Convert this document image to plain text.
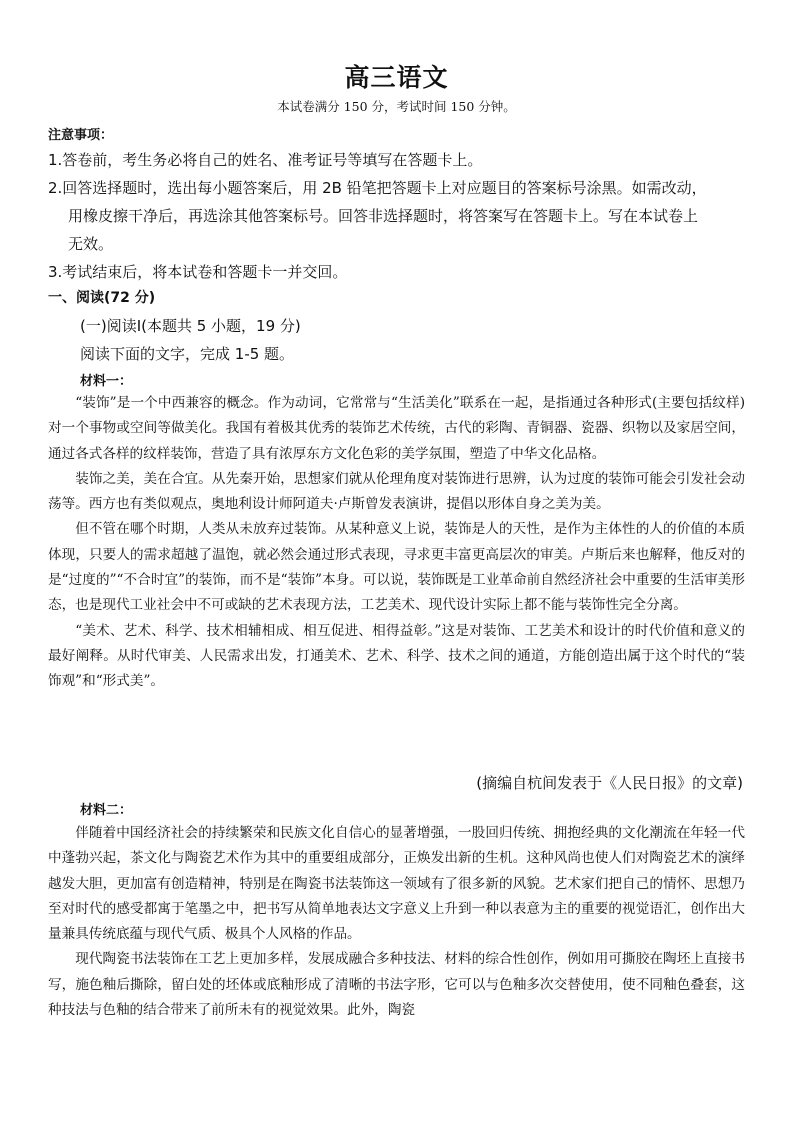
高三语文
本试卷满分 150 分，考试时间 150 分钟。
注意事项：
1.答卷前，考生务必将自己的姓名、准考证号等填写在答题卡上。
2.回答选择题时，选出每小题答案后，用 2B 铅笔把答题卡上对应题目的答案标号涂黑。如需改动，
用橡皮擦干净后，再选涂其他答案标号。回答非选择题时，将答案写在答题卡上。写在本试卷上
无效。
3.考试结束后，将本试卷和答题卡一并交回。
一、阅读(72 分)
(一)阅读Ⅰ(本题共 5 小题，19 分)
阅读下面的文字，完成 1-5 题。
材料一：

“装饰”是一个中西兼容的概念。作为动词，它常常与“生活美化”联系在一起，是指通过各种形式(主要包括纹样)对一个事物或空间等做美化。我国有着极其优秀的装饰艺术传统，古代的彩陶、青铜器、瓷器、织物以及家居空间，通过各式各样的纹样装饰，营造了具有浓厚东方文化色彩的美学氛围，塑造了中华文化品格。

装饰之美，美在合宜。从先秦开始，思想家们就从伦理角度对装饰进行思辨，认为过度的装饰可能会引发社会动荡等。西方也有类似观点，奥地利设计师阿道夫·卢斯曾发表演讲，提倡以形体自身之美为美。

但不管在哪个时期，人类从未放弃过装饰。从某种意义上说，装饰是人的天性，是作为主体性的人的价值的本质体现，只要人的需求超越了温饱，就必然会通过形式表现，寻求更丰富更高层次的审美。卢斯后来也解释，他反对的是“过度的”“不合时宜”的装饰，而不是“装饰”本身。可以说，装饰既是工业革命前自然经济社会中重要的生活审美形态，也是现代工业社会中不可或缺的艺术表现方法，工艺美术、现代设计实际上都不能与装饰性完全分离。

“美术、艺术、科学、技术相辅相成、相互促进、相得益彰。”这是对装饰、工艺美术和设计的时代价值和意义的最好阐释。从时代审美、人民需求出发，打通美术、艺术、科学、技术之间的通道，方能创造出属于这个时代的“装饰观”和“形式美”。

(摘编自杭间发表于《人民日报》的文章)
材料二：

伴随着中国经济社会的持续繁荣和民族文化自信心的显著增强，一股回归传统、拥抱经典的文化潮流在年轻一代中蓬勃兴起，茶文化与陶瓷艺术作为其中的重要组成部分，正焕发出新的生机。这种风尚也使人们对陶瓷艺术的演绎越发大胆，更加富有创造精神，特别是在陶瓷书法装饰这一领域有了很多新的风貌。艺术家们把自己的情怀、思想乃至对时代的感受都寓于笔墨之中，把书写从简单地表达文字意义上升到一种以表意为主的重要的视觉语汇，创作出大量兼具传统底蕴与现代气质、极具个人风格的作品。

现代陶瓷书法装饰在工艺上更加多样，发展成融合多种技法、材料的综合性创作，例如用可撕胶在陶坯上直接书写，施色釉后撕除，留白处的坯体或底釉形成了清晰的书法字形，它可以与色釉多次交替使用，使不同釉色叠套，这种技法与色釉的结合带来了前所未有的视觉效果。此外，陶瓷
